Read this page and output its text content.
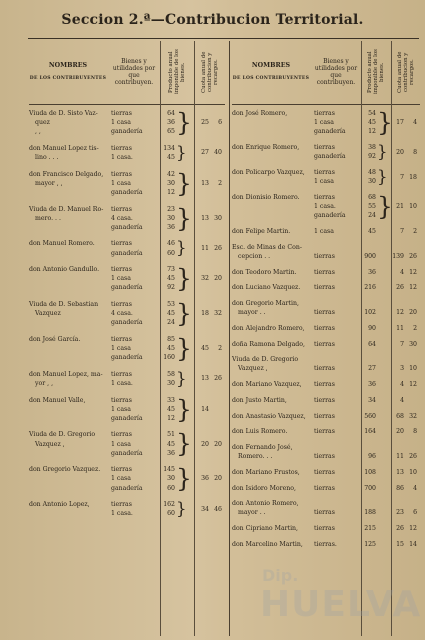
Seccion 2.ª—Contribucion Territorial.
NOMBRES
DE LOS CONTRIBUYENTES
Bienes y utilidades por que contribuyen.	Producto anual imponible de los bienes.	Cuota anual de contribucion y recargos.
Viuda de D. Sisto Vaz-
quez
, ,
tierras	64
1 casa	36
ganadería	65 }	25	6
don Manuel Lopez tis-
lino . . .
tierras	134
1 casa.	45 }	27 40
don Francisco Delgado,
mayor , ,
tierras	42
1 casa	30
ganadería	12 }	13	2
Viuda de D. Manuel Ro-
mero. . .
tierras	23
4 casa.	30
ganadería	36 }	13 30
don Manuel Romero.	tierras	46
ganadería	60 }	11 26
don Antonio Gandullo. tierras	73
1 casa	45
ganadería	92 }	32 20
Viuda de D. Sebastian
Vazquez
tierras	53
4 casa.	45
ganadería	24 }	18 32
don José García.	tierras	85
1 casa	45
ganadería	160 }	45	2
don Manuel Lopez, ma-
yor , ,
tierras	58
1 casa.	30 }	13 26
don Manuel Valle,	tierras	33
1 casa	45
ganadería	12 }	14
Viuda de D. Gregorio
Vazquez ,
tierras	51
1 casa	45
ganadería	36 }	20 20
don Gregorio Vazquez. tierras	145
1 casa	30
ganadería	60 }	36 20
don Antonio Lopez,	tierras	162
1 casa.	60 }	34 46
NOMBRES
DE LOS CONTRIBUYENTES
Bienes y utilidades por que contribuyen.	Producto anual imponible de los bienes. Cuota anual de contribucion y recargos.
don José Romero,	tierras	54
1 casa	45
ganadería	12 } 17	4
don Enrique Romero, tierras	38
ganadería	92 }	20	8
don Policarpo Vazquez, tierras	48
1 casa	30 }	7 18
don Dionisio Romero. tierras	68
1 casa.	55
ganadería	24 } 21 10
don Felipe Martin.	1 casa	45	7	2
Esc. de Minas de Con-
cepcion . .	tierras	900	139 26
don Teodoro Martin.	tierras	36	4 12
don Luciano Vazquez. tierras	216	26 12
don Gregorio Martin,
mayor . .	tierras	102	12 20
don Alejandro Romero, tierras	90	11	2
doña Ramona Delgado, tierras	64	7 30
Viuda de D. Gregorio
Vazquez ,	tierras	27	3 10
don Mariano Vazquez, tierras	36	4 12
don Justo Martin,	tierras	34	4
don Anastasio Vazquez, tierras	560	68 32
don Luis Romero.	tierras	164	20	8
don Fernando José,
Romero. . .	tierras	96	11 26
don Mariano Frustos, tierras	108	13 10
don Isidoro Moreno,	tierras	700	86	4
don Antonio Romero,
mayor . .	tierras	188	23	6
don Cipriano Martin,	tierras	215	26 12
don Marcelino Martin, tierras.	125	15 14
Dip.
HUELVA
